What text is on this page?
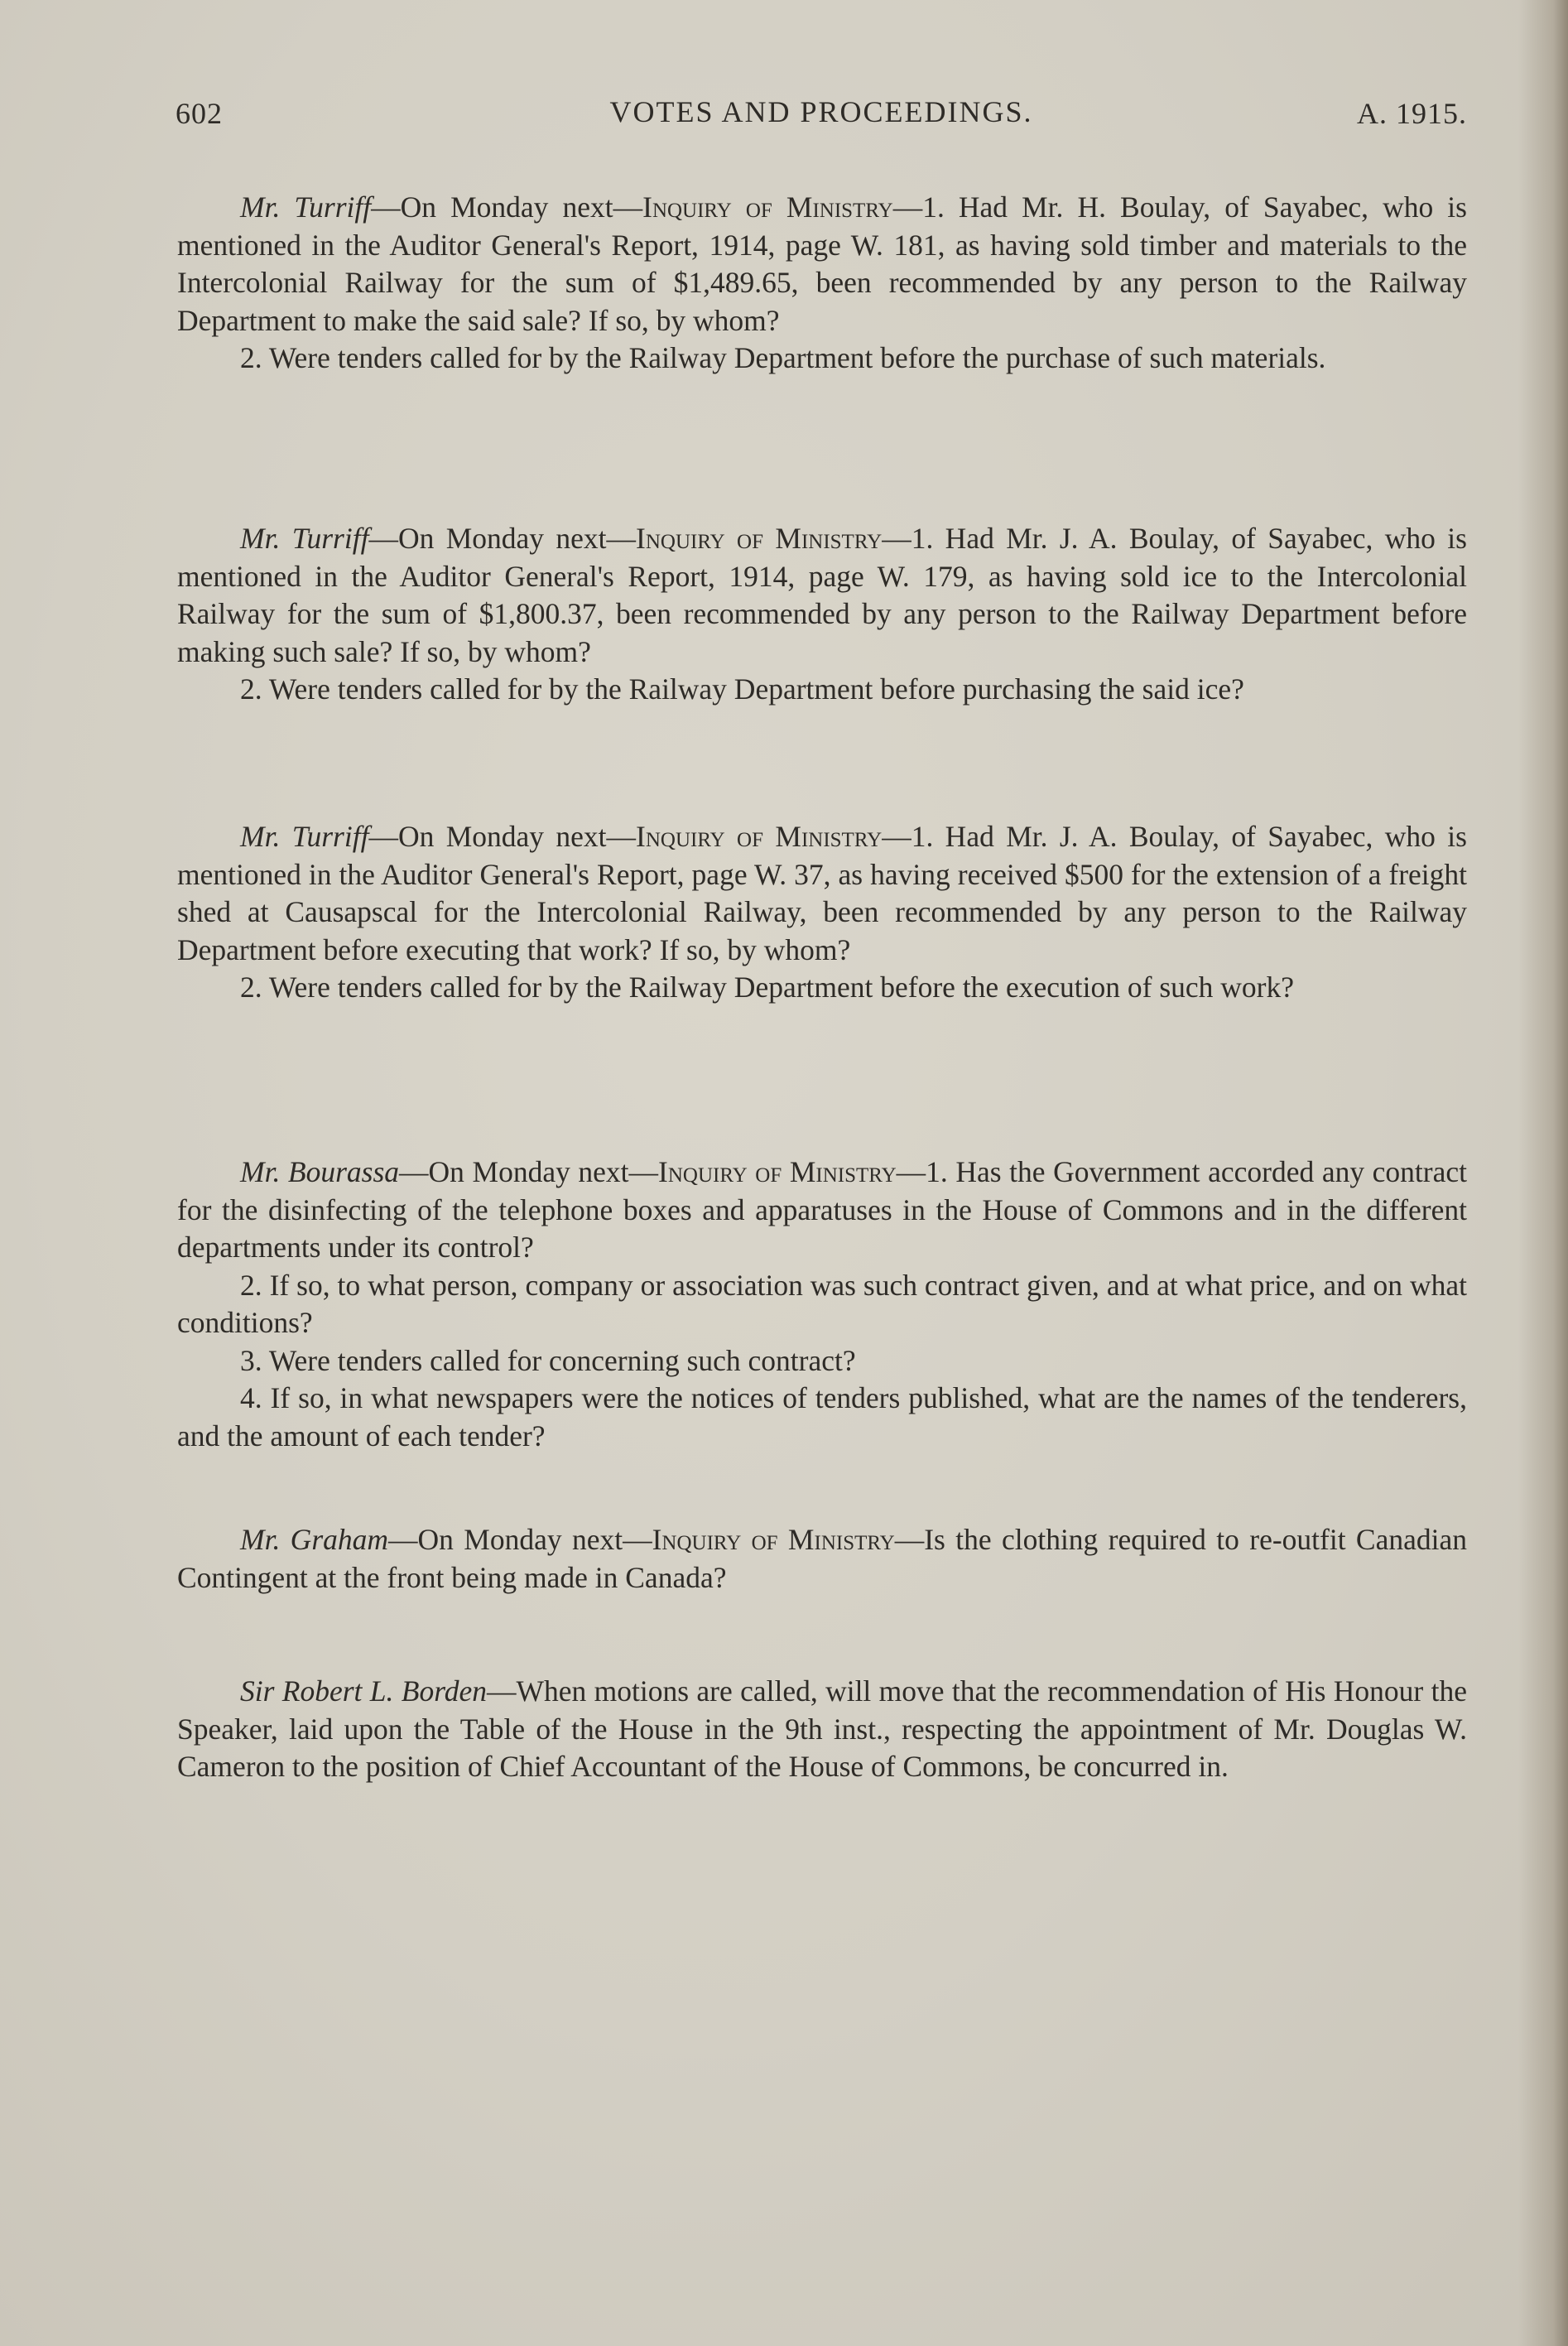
602	VOTES AND PROCEEDINGS.	A. 1915.

Mr. Turriff—On Monday next—Inquiry of Ministry—1. Had Mr. H. Boulay, of Sayabec, who is mentioned in the Auditor General's Report, 1914, page W. 181, as having sold timber and materials to the Intercolonial Railway for the sum of $1,489.65, been recommended by any person to the Railway Department to make the said sale? If so, by whom?

2. Were tenders called for by the Railway Department before the purchase of such materials.

Mr. Turriff—On Monday next—Inquiry of Ministry—1. Had Mr. J. A. Boulay, of Sayabec, who is mentioned in the Auditor General's Report, 1914, page W. 179, as having sold ice to the Intercolonial Railway for the sum of $1,800.37, been recommended by any person to the Railway Department before making such sale? If so, by whom?

2. Were tenders called for by the Railway Department before purchasing the said ice?

Mr. Turriff—On Monday next—Inquiry of Ministry—1. Had Mr. J. A. Boulay, of Sayabec, who is mentioned in the Auditor General's Report, page W. 37, as having received $500 for the extension of a freight shed at Causapscal for the Intercolonial Railway, been recommended by any person to the Railway Department before executing that work? If so, by whom?

2. Were tenders called for by the Railway Department before the execution of such work?

Mr. Bourassa—On Monday next—Inquiry of Ministry—1. Has the Government accorded any contract for the disinfecting of the telephone boxes and apparatuses in the House of Commons and in the different departments under its control?

2. If so, to what person, company or association was such contract given, and at what price, and on what conditions?

3. Were tenders called for concerning such contract?

4. If so, in what newspapers were the notices of tenders published, what are the names of the tenderers, and the amount of each tender?

Mr. Graham—On Monday next—Inquiry of Ministry—Is the clothing required to re-outfit Canadian Contingent at the front being made in Canada?

Sir Robert L. Borden—When motions are called, will move that the recommendation of His Honour the Speaker, laid upon the Table of the House in the 9th inst., respecting the appointment of Mr. Douglas W. Cameron to the position of Chief Accountant of the House of Commons, be concurred in.
